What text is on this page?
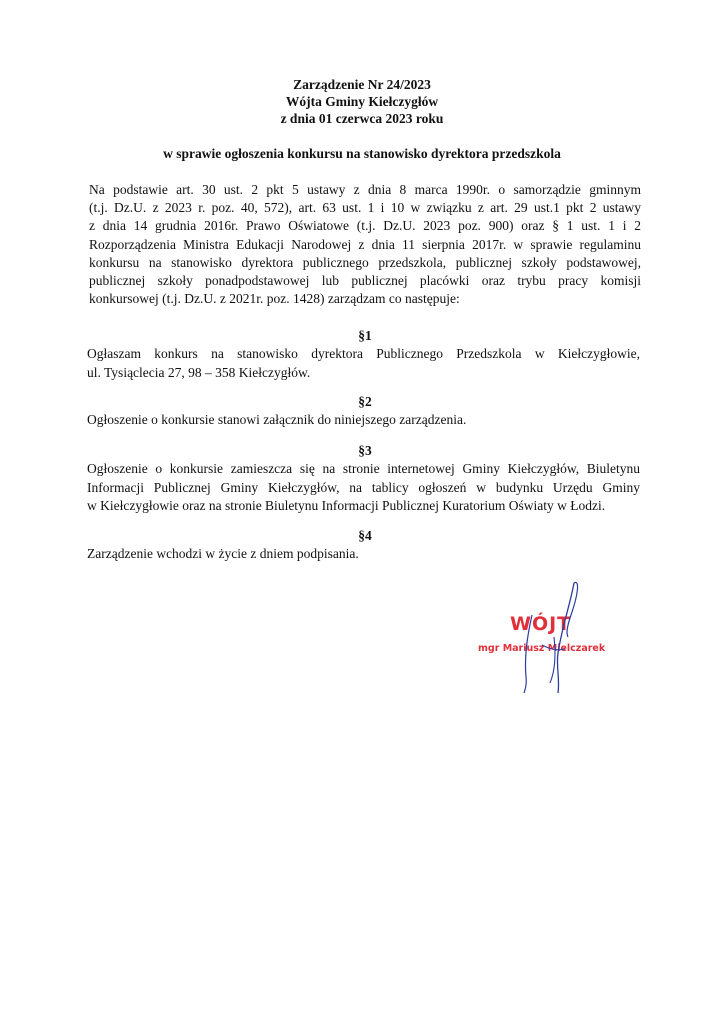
Zarządzenie Nr 24/2023
Wójta Gminy Kiełczygłów
z dnia 01 czerwca 2023 roku
w sprawie ogłoszenia konkursu na stanowisko dyrektora przedszkola
Na podstawie art. 30 ust. 2 pkt 5 ustawy z dnia 8 marca 1990r. o samorządzie gminnym
(t.j. Dz.U. z 2023 r. poz. 40, 572), art. 63 ust. 1 i 10 w związku z art. 29 ust.1 pkt 2 ustawy
z dnia 14 grudnia 2016r. Prawo Oświatowe (t.j. Dz.U. 2023 poz. 900) oraz § 1 ust. 1 i 2
Rozporządzenia Ministra Edukacji Narodowej z dnia 11 sierpnia 2017r. w sprawie regulaminu
konkursu na stanowisko dyrektora publicznego przedszkola, publicznej szkoły podstawowej,
publicznej szkoły ponadpodstawowej lub publicznej placówki oraz trybu pracy komisji
konkursowej (t.j. Dz.U. z 2021r. poz. 1428) zarządzam co następuje:
§1
Ogłaszam konkurs na stanowisko dyrektora Publicznego Przedszkola w Kiełczygłowie,
ul. Tysiąclecia 27, 98 – 358 Kiełczygłów.
§2
Ogłoszenie o konkursie stanowi załącznik do niniejszego zarządzenia.
§3
Ogłoszenie o konkursie zamieszcza się na stronie internetowej Gminy Kiełczygłów, Biuletynu
Informacji Publicznej Gminy Kiełczygłów, na tablicy ogłoszeń w budynku Urzędu Gminy
w Kiełczygłowie oraz na stronie Biuletynu Informacji Publicznej Kuratorium Oświaty w Łodzi.
§4
Zarządzenie wchodzi w życie z dniem podpisania.
WÓJT
mgr Mariusz Mielczarek
